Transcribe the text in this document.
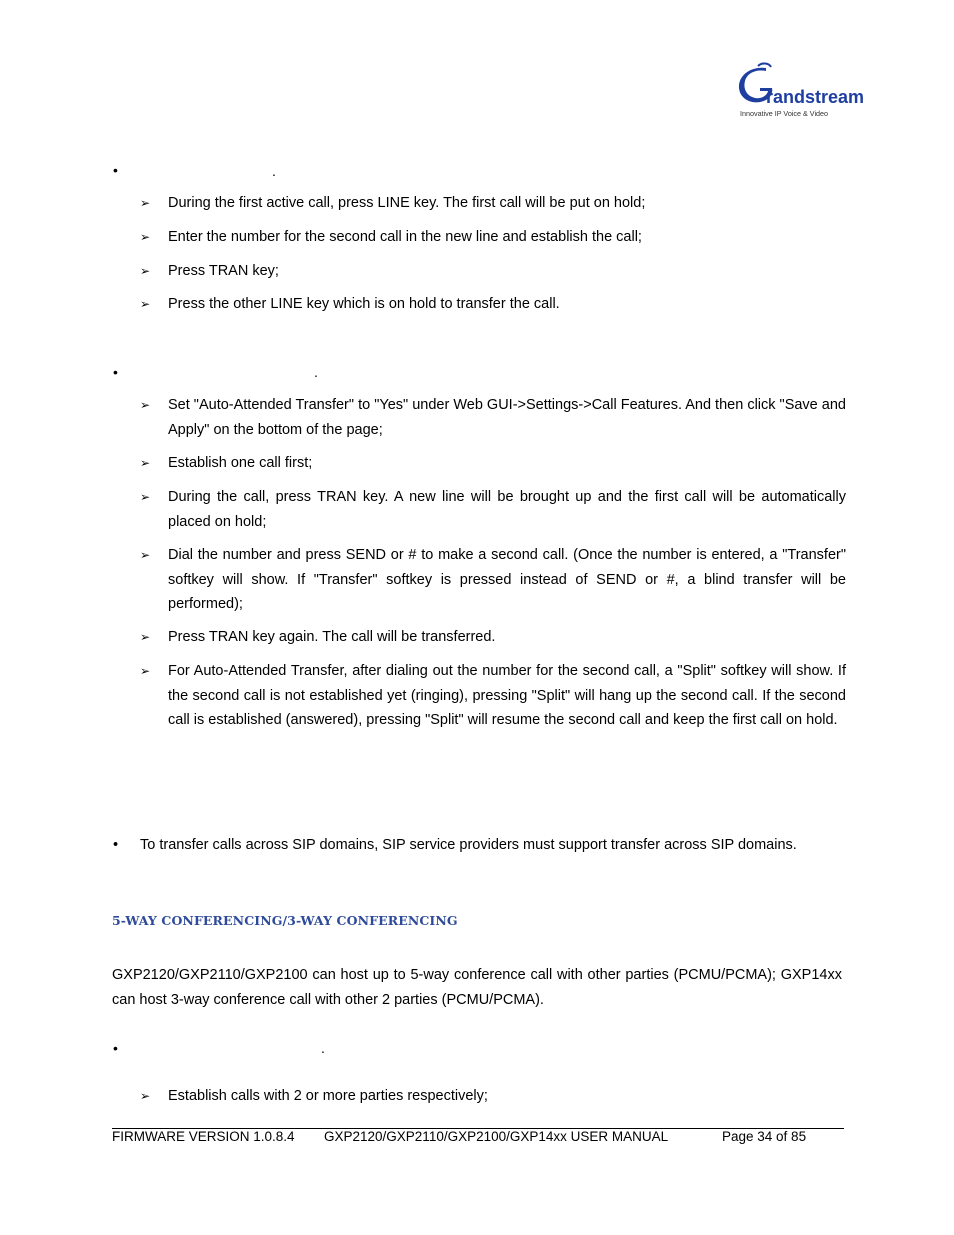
randstream
Innovative IP Voice & Video
•	.
➢ During the first active call, press LINE key. The first call will be put on hold;
➢ Enter the number for the second call in the new line and establish the call;
➢ Press TRAN key;
➢ Press the other LINE key which is on hold to transfer the call.
•	.
➢ Set "Auto-Attended Transfer" to "Yes" under Web GUI->Settings->Call Features. And then click "Save and Apply" on the bottom of the page;
➢ Establish one call first;
➢ During the call, press TRAN key. A new line will be brought up and the first call will be automatically placed on hold;
➢ Dial the number and press SEND or # to make a second call. (Once the number is entered, a "Transfer" softkey will show. If "Transfer" softkey is pressed instead of SEND or #, a blind transfer will be performed);
➢ Press TRAN key again. The call will be transferred.
➢ For Auto-Attended Transfer, after dialing out the number for the second call, a "Split" softkey will show. If the second call is not established yet (ringing), pressing "Split" will hang up the second call. If the second call is established (answered), pressing "Split" will resume the second call and keep the first call on hold.
• To transfer calls across SIP domains, SIP service providers must support transfer across SIP domains.
5-WAY CONFERENCING/3-WAY CONFERENCING
GXP2120/GXP2110/GXP2100 can host up to 5-way conference call with other parties (PCMU/PCMA); GXP14xx can host 3-way conference call with other 2 parties (PCMU/PCMA).
•	.
➢ Establish calls with 2 or more parties respectively;
FIRMWARE VERSION 1.0.8.4 GXP2120/GXP2110/GXP2100/GXP14xx USER MANUAL	Page 34 of 85
